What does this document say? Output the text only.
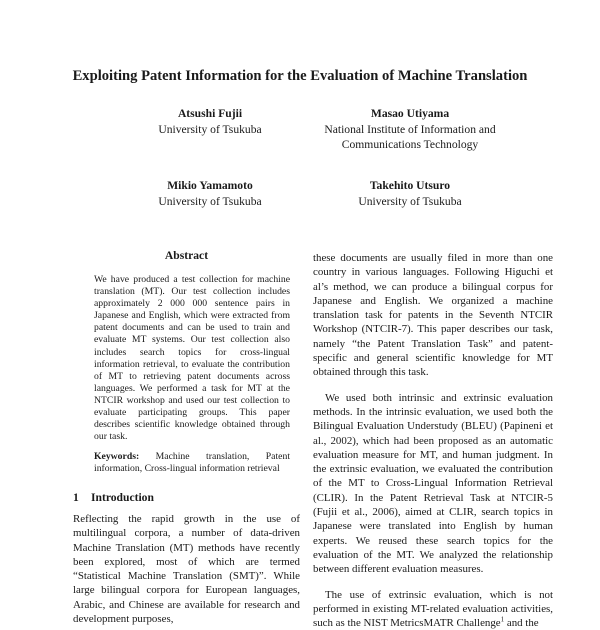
Exploiting Patent Information for the Evaluation of Machine Translation
Atsushi Fujii
University of Tsukuba
Masao Utiyama
National Institute of Information and Communications Technology
Mikio Yamamoto
University of Tsukuba
Takehito Utsuro
University of Tsukuba
Abstract

We have produced a test collection for machine translation (MT). Our test collection includes approximately 2 000 000 sentence pairs in Japanese and English, which were extracted from patent documents and can be used to train and evaluate MT systems. Our test collection also includes search topics for cross-lingual information retrieval, to evaluate the contribution of MT to retrieving patent documents across languages. We performed a task for MT at the NTCIR workshop and used our test collection to evaluate participating groups. This paper describes scientific knowledge obtained through our task.

Keywords: Machine translation, Patent information, Cross-lingual information retrieval

1 Introduction

Reflecting the rapid growth in the use of multilingual corpora, a number of data-driven Machine Translation (MT) methods have recently been explored, most of which are termed “Statistical Machine Translation (SMT)”. While large bilingual corpora for European languages, Arabic, and Chinese are available for research and development purposes,

these documents are usually filed in more than one country in various languages. Following Higuchi et al’s method, we can produce a bilingual corpus for Japanese and English. We organized a machine translation task for patents in the Seventh NTCIR Workshop (NTCIR-7). This paper describes our task, namely “the Patent Translation Task” and patent-specific and general scientific knowledge for MT obtained through this task.

We used both intrinsic and extrinsic evaluation methods. In the intrinsic evaluation, we used both the Bilingual Evaluation Understudy (BLEU) (Papineni et al., 2002), which had been proposed as an automatic evaluation measure for MT, and human judgment. In the extrinsic evaluation, we evaluated the contribution of the MT to Cross-Lingual Information Retrieval (CLIR). In the Patent Retrieval Task at NTCIR-5 (Fujii et al., 2006), aimed at CLIR, search topics in Japanese were translated into English by human experts. We reused these search topics for the evaluation of the MT. We analyzed the relationship between different evaluation measures.

The use of extrinsic evaluation, which is not performed in existing MT-related evaluation activities, such as the NIST MetricsMATR Challenge$^1$ and the
